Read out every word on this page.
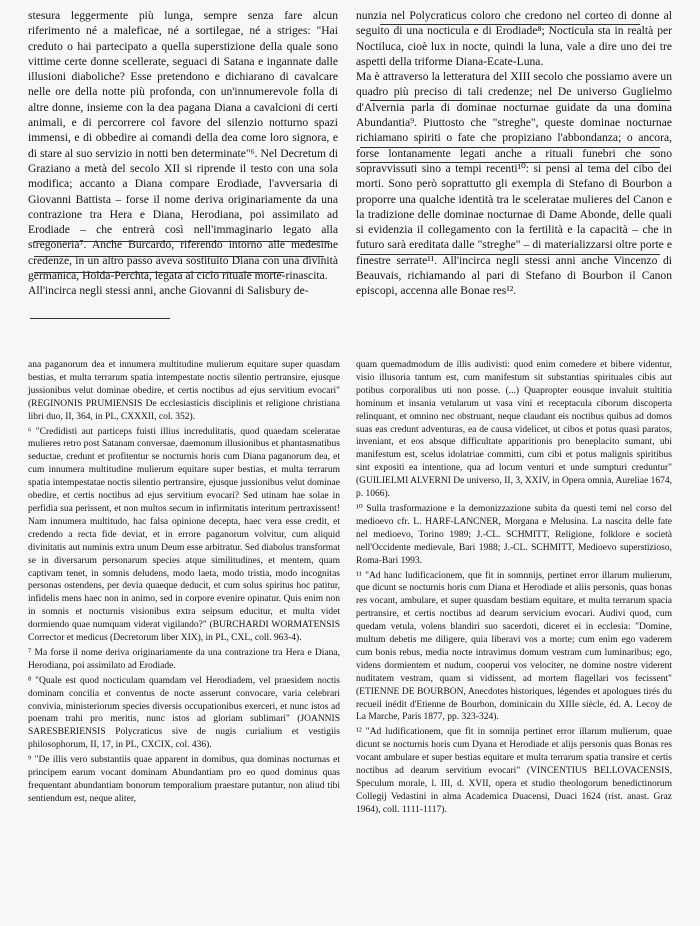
stesura leggermente più lunga, sempre senza fare alcun riferimento né a maleficae, né a sortilegae, né a striges: "Hai creduto o hai partecipato a quella superstizione della quale sono vittime certe donne scellerate, seguaci di Satana e ingannate dalle illusioni diaboliche? Esse pretendono e dichiarano di cavalcare nelle ore della notte più profonda, con un'innumerevole folla di altre donne, insieme con la dea pagana Diana a cavalcioni di certi animali, e di percorrere col favore del silenzio notturno spazi immensi, e di obbedire ai comandi della dea come loro signora, e di stare al suo servizio in notti ben determinate"⁶. Nel Decretum di Graziano a metà del secolo XII si riprende il testo con una sola modifica; accanto a Diana compare Erodiade, l'avversaria di Giovanni Battista – forse il nome deriva originariamente da una contrazione tra Hera e Diana, Herodiana, poi assimilato ad Erodiade – che entrerà così nell'immaginario legato alla stregoneria⁷. Anche Burcardo, riferendo intorno alle medesime credenze, in un altro passo aveva sostituito Diana con una divinità germanica, Holda-Perchta, legata al ciclo rituale morte-rinascita.

All'incirca negli stessi anni, anche Giovanni di Salisbury de-

nunzia nel Polycraticus coloro che credono nel corteo di donne al seguito di una nocticula e di Erodiade⁸; Nocticula sta in realtà per Noctiluca, cioè lux in nocte, quindi la luna, vale a dire uno dei tre aspetti della triforme Diana-Ecate-Luna.

Ma è attraverso la letteratura del XIII secolo che possiamo avere un quadro più preciso di tali credenze; nel De universo Guglielmo d'Alvernia parla di dominae nocturnae guidate da una domina Abundantia⁹. Piuttosto che "streghe", queste dominae nocturnae richiamano spiriti o fate che propiziano l'abbondanza; o ancora, forse lontanamente legati anche a rituali funebri che sono sopravvissuti sino a tempi recenti¹⁰: si pensi al tema del cibo dei morti. Sono però soprattutto gli exempla di Stefano di Bourbon a proporre una qualche identità tra le sceleratae mulieres del Canon e la tradizione delle dominae nocturnae di Dame Abonde, delle quali si evidenzia il collegamento con la fertilità e la capacità – che in futuro sarà ereditata dalle "streghe" – di materializzarsi oltre porte e finestre serrate¹¹. All'incirca negli stessi anni anche Vincenzo di Beauvais, richiamando al pari di Stefano di Bourbon il Canon episcopi, accenna alle Bonae res¹².

ana paganorum dea et innumera multitudine mulierum equitare super quasdam bestias, et multa terrarum spatia intempestate noctis silentio pertransire, ejusque jussionibus velut dominae obedire, et certis noctibus ad ejus servitium evocari" (REGINONIS PRUMIENSIS De ecclesiasticis disciplinis et religione christiana libri duo, II, 364, in PL, CXXXII, col. 352).

⁶ "Credidisti aut particeps fuisti illius incredulitatis, quod quaedam sceleratae mulieres retro post Satanam conversae, daemonum illusionibus et phantasmatibus seductae, credunt et profitentur se nocturnis horis cum Diana paganorum dea, et cum innumera multitudine mulierum equitare super bestias, et multa terrarum spatia intempestatae noctis silentio pertransire, ejusque jussionibus velut dominae obedire, et certis noctibus ad ejus servitium evocari? Sed utinam hae solae in perfidia sua perissent, et non multos secum in infirmitatis interitum pertraxissent! Nam innumera multitudo, hac falsa opinione decepta, haec vera esse credit, et credendo a recta fide deviat, et in errore paganorum volvitur, cum aliquid divinitatis aut numinis extra unum Deum esse arbitratur. Sed diabolus transformat se in diversarum personarum species atque similitudines, et mentem, quam captivam tenet, in somnis deludens, modo laeta, modo tristia, modo incognitas personas ostendens, per devia quaeque deducit, et cum solus spiritus hoc patitur, infidelis mens haec non in animo, sed in corpore evenire opinatur. Quis enim non in somnis et nocturnis visionibus extra seipsum educitur, et multa videt dormiendo quae numquam viderat vigilando?" (BURCHARDI WORMATENSIS Corrector et medicus (Decretorum liber XIX), in PL, CXL, coll. 963-4).

⁷ Ma forse il nome deriva originariamente da una contrazione tra Hera e Diana, Herodiana, poi assimilato ad Erodiade.

⁸ "Quale est quod nocticulam quamdam vel Herodiadem, vel praesidem noctis dominam concilia et conventus de nocte asserunt convocare, varia celebrari convivia, ministeriorum species diversis occupationibus exerceri, et nunc istos ad poenam trahi pro meritis, nunc istos ad gloriam sublimari" (JOANNIS SARESBERIENSIS Polycraticus sive de nugis curialium et vestigiis philosophorum, II, 17, in PL, CXCIX, col. 436).

⁹ "De illis vero substantiis quae apparent in domibus, qua dominas nocturnas et principem earum vocant dominam Abundantiam pro eo quod dominus quas frequentant abundantiam bonorum temporalium praestare putantur, non aliud tibi sentiendum est, neque aliter,

quam quemadmodum de illis audivisti: quod enim comedere et bibere videntur, visio illusoria tantum est, cum manifestum sit substantias spirituales cibis aut potibus corporalibus uti non posse. (...) Quapropter eousque invaluit stultitia hominum et insania vetularum ut vasa vini et receptacula ciborum discoperta relinquant, et omnino nec obstruant, neque claudant eis noctibus quibus ad domos suas eas credunt adventuras, ea de causa videlicet, ut cibos et potus quasi paratos, inveniant, et eos absque difficultate apparitionis pro beneplacito sumant, ubi manifestum est, scelus idolatriae committi, cum cibi et potus malignis spiritibus sint expositi ea intentione, qua ad locum venturi et unde sumpturi creduntur" (GUILIELMI ALVERNI De universo, II, 3, XXIV, in Opera omnia, Aureliae 1674, p. 1066).

¹⁰ Sulla trasformazione e la demonizzazione subita da questi temi nel corso del medioevo cfr. L. HARF-LANCNER, Morgana e Melusina. La nascita delle fate nel medioevo, Torino 1989; J.-CL. SCHMITT, Religione, folklore e società nell'Occidente medievale, Bari 1988; J.-CL. SCHMITT, Medioevo superstizioso, Roma-Bari 1993.

¹¹ "Ad hanc ludificacionem, que fit in somnnijs, pertinet error illarum mulierum, que dicunt se nocturnis horis cum Diana et Herodiade et aliis personis, quas bonas res vocant, ambulare, et super quasdam bestiam equitare, et multa terrarum spacia pertransire, et certis noctibus ad dearum servicium evocari. Audivi quod, cum quedam vetula, volens blandiri suo sacerdoti, diceret ei in ecclesia: "Domine, multum debetis me diligere, quia liberavi vos a morte; cum enim ego vaderem cum bonis rebus, media nocte intravimus domum vestram cum luminaribus; ego, videns dormientem et nudum, cooperui vos velociter, ne domine nostre viderent nuditatem vestram, quam si vidissent, ad mortem flagellari vos fecissent" (ETIENNE DE BOURBON, Anecdotes historiques, légendes et apologues tirés du recueil inédit d'Etienne de Bourbon, dominicain du XIIIe siècle, éd. A. Lecoy de La Marche, Paris 1877, pp. 323-324).

¹² "Ad ludificationem, que fit in somnija pertinet error illarum mulierum, quae dicunt se nocturnis horis cum Dyana et Herodiade et alijs personis quas Bonas res vocant ambulare et super bestias equitare et multa terrarum spatia transire et certis noctibus ad dearum servitium evocari" (VINCENTIUS BELLOVACENSIS, Speculum morale, l. III, d. XVII, opera et studio theologorum benedictinorum Collegij Vedastini in alma Academica Duacensi, Duaci 1624 (rist. anast. Graz 1964), coll. 1111-1117).
